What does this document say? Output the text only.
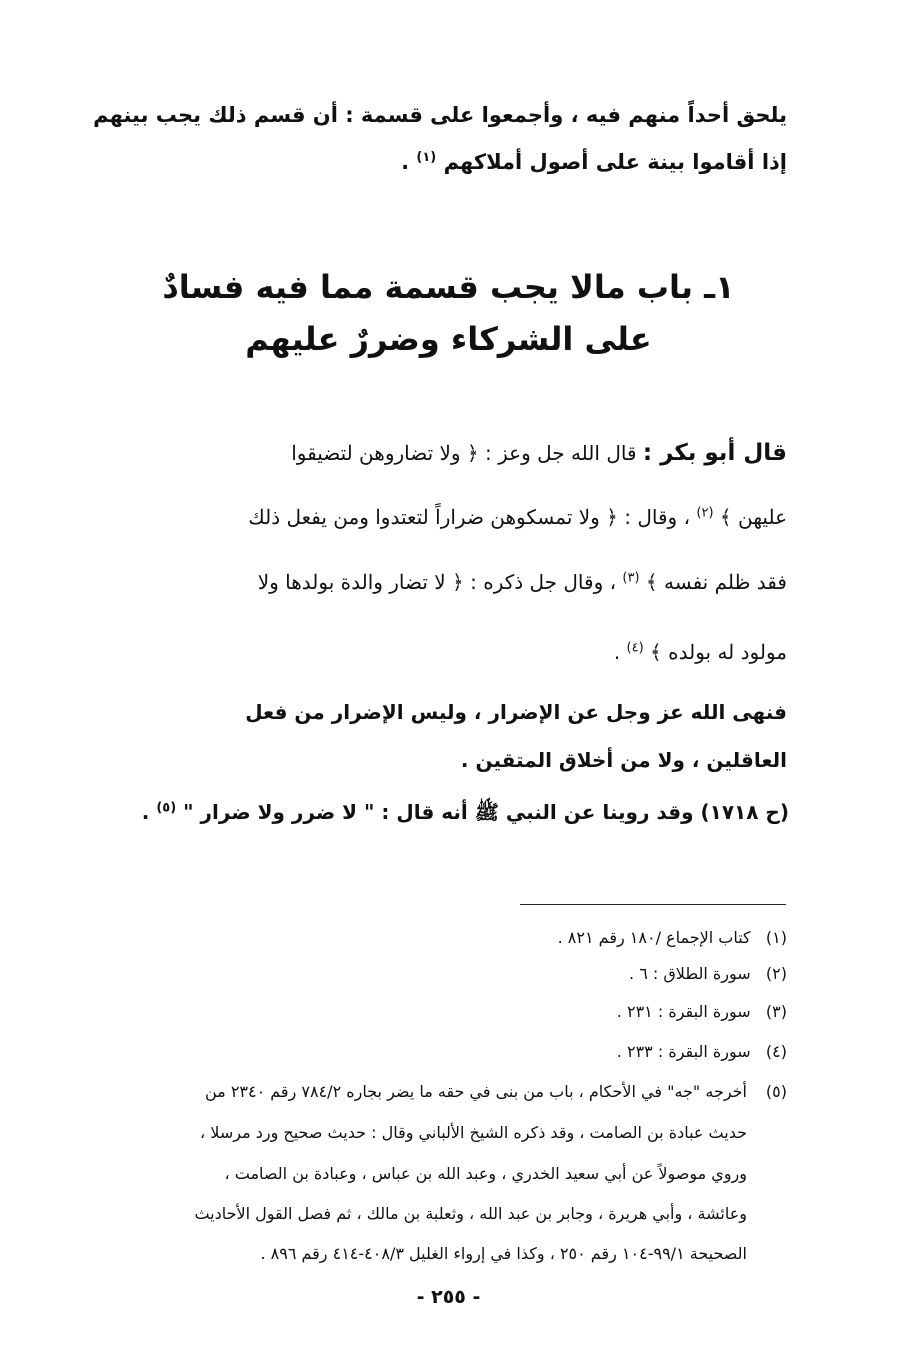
يلحق أحداً منهم فيه ، وأجمعوا على قسمة : أن قسم ذلك يجب بينهم
إذا أقاموا بينة على أصول أملاكهم $^{(١)}$ .
١ـ باب مالا يجب قسمة مما فيه فسادٌ
على الشركاء وضررٌ عليهم
قال أبو بكر : قال الله جل وعز : ﴿ ولا تضاروهن لتضيقوا
عليهن ﴾ $^{(٢)}$ ، وقال : ﴿ ولا تمسكوهن ضراراً لتعتدوا ومن يفعل ذلك
فقد ظلم نفسه ﴾ $^{(٣)}$ ، وقال جل ذكره : ﴿ لا تضار والدة بولدها ولا
مولود له بولده ﴾ $^{(٤)}$ .
فنهى الله عز وجل عن الإضرار ، وليس الإضرار من فعل
العاقلين ، ولا من أخلاق المتقين .
(ح ١٧١٨) وقد روينا عن النبي ﷺ أنه قال : " لا ضرر ولا ضرار " $^{(٥)}$ .
(١)   كتاب الإجماع /١٨٠ رقم ٨٢١ .
(٢)   سورة الطلاق : ٦ .
(٣)   سورة البقرة : ٢٣١ .
(٤)   سورة البقرة : ٢٣٣ .
(٥)
أخرجه "جه" في الأحكام ، باب من بنى في حقه ما يضر بجاره ٧٨٤/٢ رقم ٢٣٤٠ من
حديث عبادة بن الصامت ، وقد ذكره الشيخ الألباني وقال : حديث صحيح ورد مرسلا ،
وروي موصولاً عن أبي سعيد الخدري ، وعبد الله بن عباس ، وعبادة بن الصامت ،
وعائشة ، وأبي هريرة ، وجابر بن عبد الله ، وثعلبة بن مالك ، ثم فصل القول الأحاديث
الصحيحة ٩٩/١-١٠٤ رقم ٢٥٠ ، وكذا في إرواء الغليل ٤٠٨/٣-٤١٤ رقم ٨٩٦ .
- ٢٥٥ -
